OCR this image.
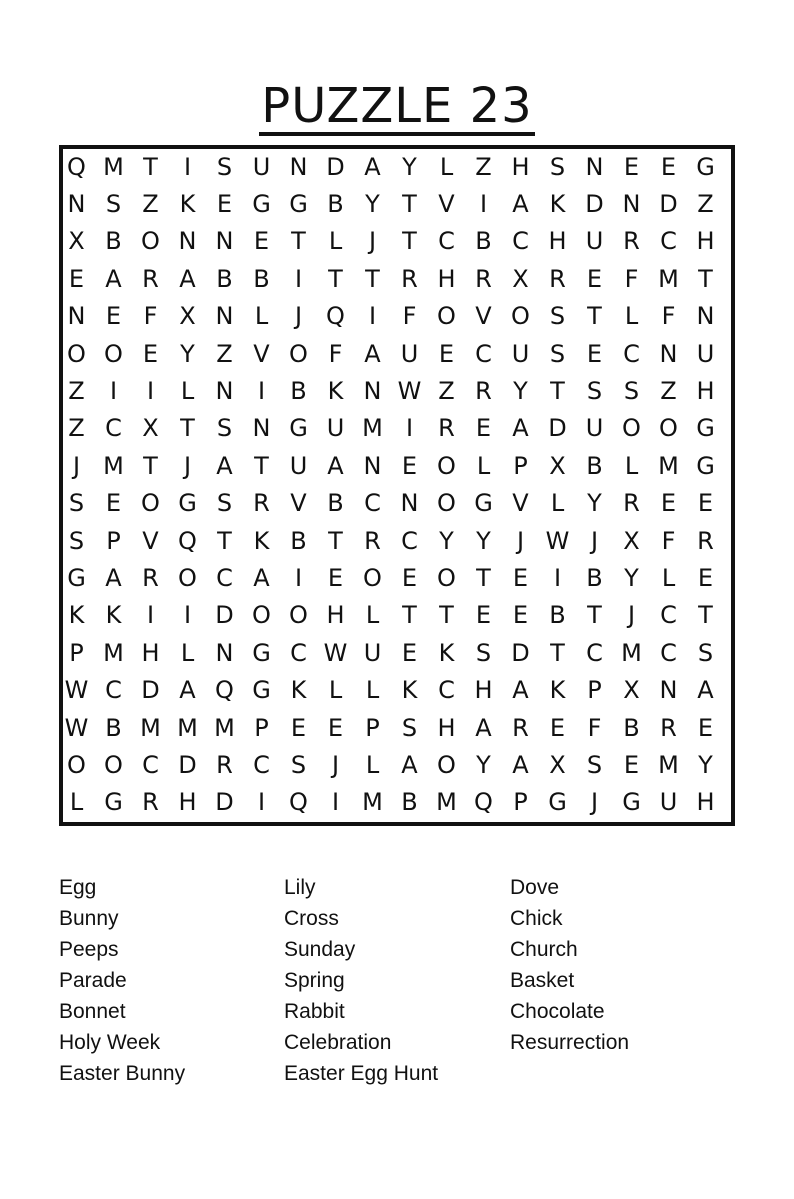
PUZZLE 23
Q M T	I	S U N D A Y L Z H S N E E G
N S Z K E G G B Y T V	I	A K D N D Z
X B O N N E T L	J	T C B C H U R C H
E A R A B B	I	T T R H R X R E F M T
N E F X N L	J	Q	I	F O V O S T L F N
O O E Y Z V O F A U E C U S E C N U
Z	I	I	L N	I	B K N W Z R Y T S S Z H
Z C X T S N G U M I	R E A D U O O G
J M T	J	A T U A N E O L P X B L M G
S E O G S R V B C N O G V L Y R E E
S P V Q T K B T R C Y Y	J W J	X F R
G A R O C A	I	E O E O T E	I	B Y L E
K K	I	I	D O O H L T T E E B T	J	C T
P M H L N G C W U E K S D T C M C S
W C D A Q G K L L K C H A K P X N A
W B M M M P E E P S H A R E F B R E
O O C D R C S	J	L A O Y A X S E M Y
L G R H D	I	Q	I M B M Q P G	J	G U H
Egg
Bunny
Peeps
Parade
Bonnet
Holy Week
Easter Bunny
Lily
Cross
Sunday
Spring
Rabbit
Celebration
Easter Egg Hunt
Dove
Chick
Church
Basket
Chocolate
Resurrection
